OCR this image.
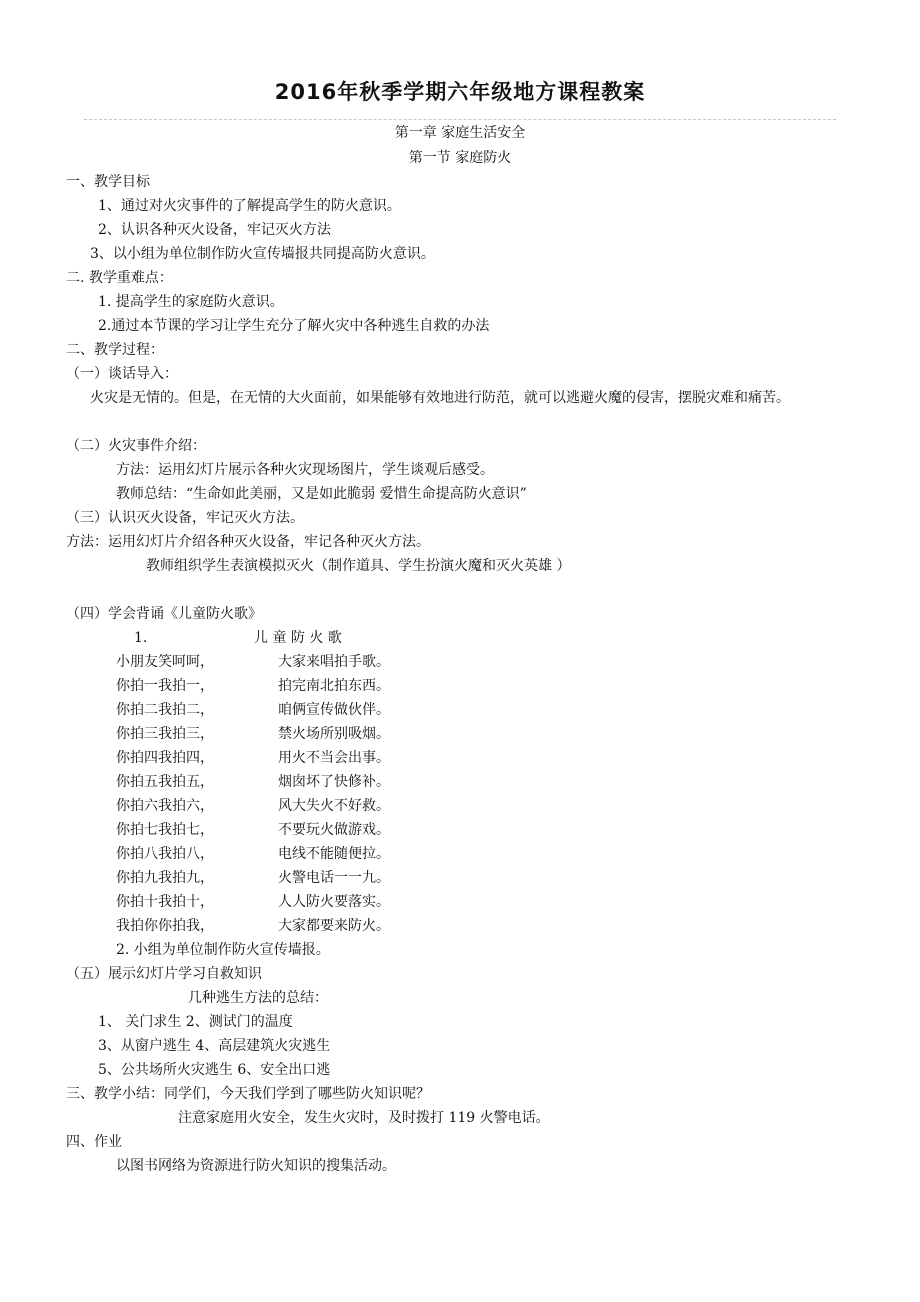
2016年秋季学期六年级地方课程教案
第一章 家庭生活安全
第一节 家庭防火
一、教学目标
1、通过对火灾事件的了解提高学生的防火意识。
2、认识各种灭火设备，牢记灭火方法
3、以小组为单位制作防火宣传墙报共同提高防火意识。
二. 教学重难点：
1. 提高学生的家庭防火意识。
2.通过本节课的学习让学生充分了解火灾中各种逃生自救的办法
二、教学过程：
（一）谈话导入：
火灾是无情的。但是，在无情的大火面前，如果能够有效地进行防范，就可以逃避火魔的侵害，摆脱灾难和痛苦。
（二）火灾事件介绍：
方法：运用幻灯片展示各种火灾现场图片，学生谈观后感受。
教师总结：“生命如此美丽，又是如此脆弱 爱惜生命提高防火意识”
（三）认识灭火设备，牢记灭火方法。
方法：运用幻灯片介绍各种灭火设备，牢记各种灭火方法。
教师组织学生表演模拟灭火（制作道具、学生扮演火魔和灭火英雄 ）
（四）学会背诵《儿童防火歌》
1.	儿 童 防 火 歌
小朋友笑呵呵，	大家来唱拍手歌。
你拍一我拍一，	拍完南北拍东西。
你拍二我拍二，	咱俩宣传做伙伴。
你拍三我拍三，	禁火场所别吸烟。
你拍四我拍四，	用火不当会出事。
你拍五我拍五，	烟囱坏了快修补。
你拍六我拍六，	风大失火不好救。
你拍七我拍七，	不要玩火做游戏。
你拍八我拍八，	电线不能随便拉。
你拍九我拍九，	火警电话一一九。
你拍十我拍十，	人人防火要落实。
我拍你你拍我，	大家都要来防火。
2. 小组为单位制作防火宣传墙报。
（五）展示幻灯片学习自救知识
几种逃生方法的总结：
1、 关门求生 2、测试门的温度
3、从窗户逃生 4、高层建筑火灾逃生
5、公共场所火灾逃生 6、安全出口逃
三、教学小结：同学们，今天我们学到了哪些防火知识呢？
注意家庭用火安全，发生火灾时，及时拨打 119 火警电话。
四、作业
以图书网络为资源进行防火知识的搜集活动。
